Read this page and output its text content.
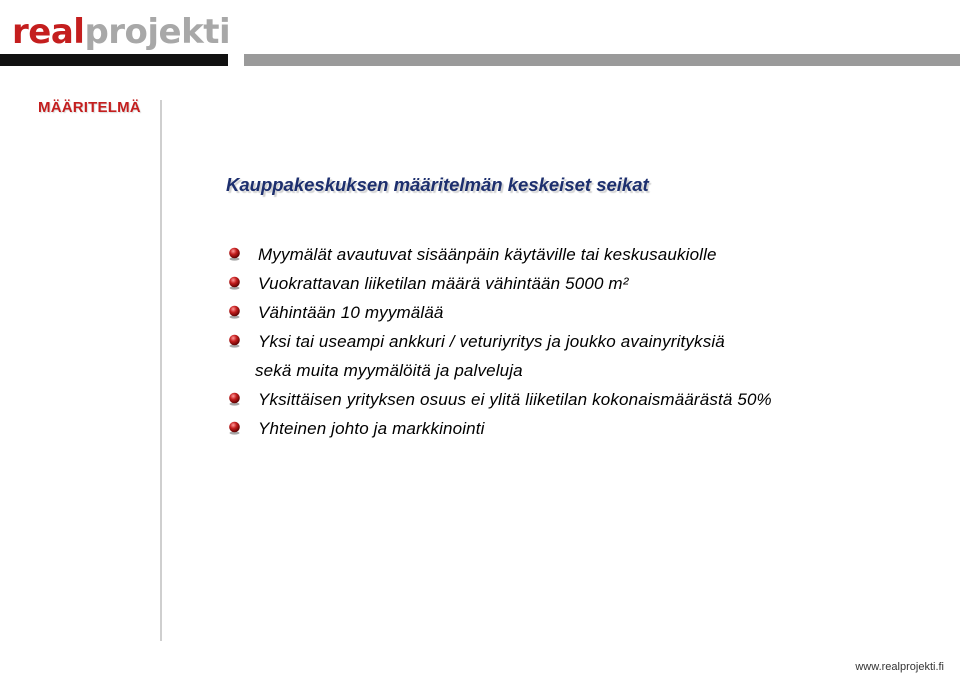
real projekti
MÄÄRITELMÄ
Kauppakeskuksen määritelmän keskeiset seikat
Myymälät avautuvat sisäänpäin käytäville tai keskusaukiolle
Vuokrattavan liiketilan määrä vähintään 5000 m²
Vähintään 10 myymälää
Yksi tai useampi ankkuri / veturiyritys ja joukko avainyrityksiä
sekä muita myymälöitä ja palveluja
Yksittäisen yrityksen osuus ei ylitä liiketilan kokonaismäärästä 50%
Yhteinen johto ja markkinointi
www.realprojekti.fi
